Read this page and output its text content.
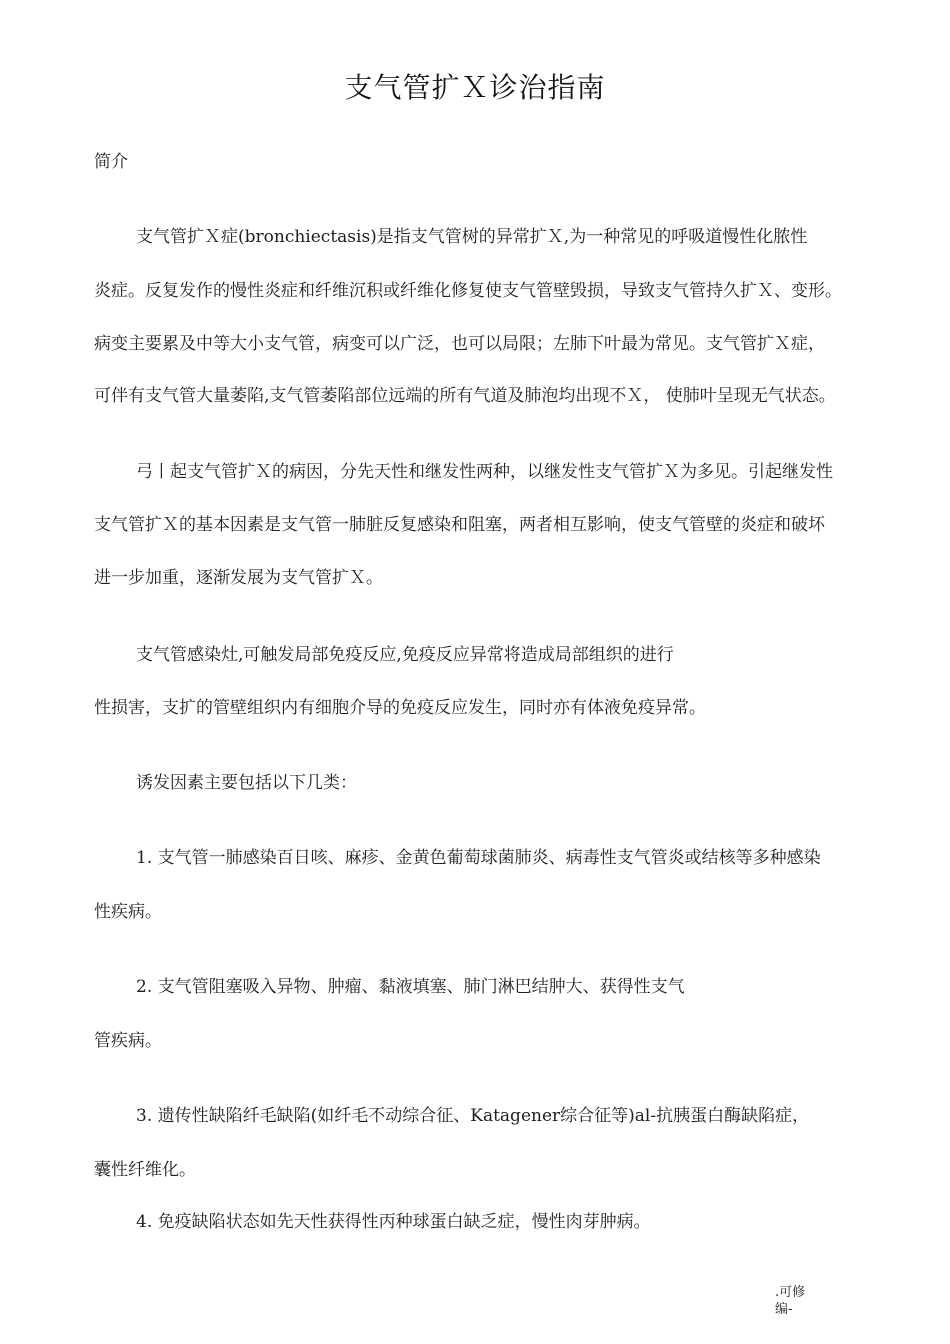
支气管扩Ｘ诊治指南
简介
支气管扩Ｘ症(bronchiectasis)是指支气管树的异常扩Ｘ,为一种常见的呼吸道慢性化脓性
炎症。反复发作的慢性炎症和纤维沉积或纤维化修复使支气管壁毁损，导致支气管持久扩Ｘ、变形。
病变主要累及中等大小支气管，病变可以广泛，也可以局限；左肺下叶最为常见。支气管扩Ｘ症，
可伴有支气管大量萎陷,支气管萎陷部位远端的所有气道及肺泡均出现不Ｘ， 使肺叶呈现无气状态。
弓丨起支气管扩Ｘ的病因，分先天性和继发性两种，以继发性支气管扩Ｘ为多见。引起继发性
支气管扩Ｘ的基本因素是支气管一肺脏反复感染和阻塞，两者相互影响，使支气管壁的炎症和破坏
进一步加重，逐渐发展为支气管扩Ｘ。
支气管感染灶,可触发局部免疫反应,免疫反应异常将造成局部组织的进行
性损害，支扩的管壁组织内有细胞介导的免疫反应发生，同时亦有体液免疫异常。
诱发因素主要包括以下几类：
1. 支气管一肺感染百日咳、麻疹、金黄色葡萄球菌肺炎、病毒性支气管炎或结核等多种感染
性疾病。
2. 支气管阻塞吸入异物、肿瘤、黏液填塞、肺门淋巴结肿大、获得性支气
管疾病。
3. 遗传性缺陷纤毛缺陷(如纤毛不动综合征、Katagener综合征等)al-抗胰蛋白酶缺陷症，
囊性纤维化。
4. 免疫缺陷状态如先天性获得性丙种球蛋白缺乏症，慢性肉芽肿病。
.可修
编-
